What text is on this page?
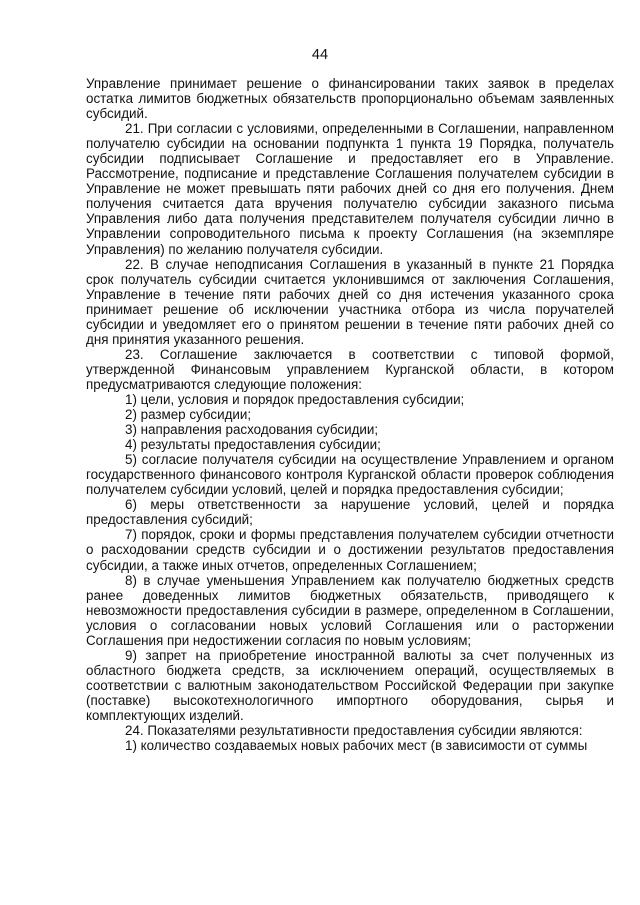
44

Управление принимает решение о финансировании таких заявок в пределах остатка лимитов бюджетных обязательств пропорционально объемам заявленных субсидий.

21. При согласии с условиями, определенными в Соглашении, направленном получателю субсидии на основании подпункта 1 пункта 19 Порядка, получатель субсидии подписывает Соглашение и предоставляет его в Управление. Рассмотрение, подписание и представление Соглашения получателем субсидии в Управление не может превышать пяти рабочих дней со дня его получения. Днем получения считается дата вручения получателю субсидии заказного письма Управления либо дата получения представителем получателя субсидии лично в Управлении сопроводительного письма к проекту Соглашения (на экземпляре Управления) по желанию получателя субсидии.

22. В случае неподписания Соглашения в указанный в пункте 21 Порядка срок получатель субсидии считается уклонившимся от заключения Соглашения, Управление в течение пяти рабочих дней со дня истечения указанного срока принимает решение об исключении участника отбора из числа поручателей субсидии и уведомляет его о принятом решении в течение пяти рабочих дней со дня принятия указанного решения.

23. Соглашение заключается в соответствии с типовой формой, утвержденной Финансовым управлением Курганской области, в котором предусматриваются следующие положения:

1) цели, условия и порядок предоставления субсидии;

2) размер субсидии;

3) направления расходования субсидии;

4) результаты предоставления субсидии;

5) согласие получателя субсидии на осуществление Управлением и органом государственного финансового контроля Курганской области проверок соблюдения получателем субсидии условий, целей и порядка предоставления субсидии;

6) меры ответственности за нарушение условий, целей и порядка предоставления субсидий;

7) порядок, сроки и формы представления получателем субсидии отчетности о расходовании средств субсидии и о достижении результатов предоставления субсидии, а также иных отчетов, определенных Соглашением;

8) в случае уменьшения Управлением как получателю бюджетных средств ранее доведенных лимитов бюджетных обязательств, приводящего к невозможности предоставления субсидии в размере, определенном в Соглашении, условия о согласовании новых условий Соглашения или о расторжении Соглашения при недостижении согласия по новым условиям;

9) запрет на приобретение иностранной валюты за счет полученных из областного бюджета средств, за исключением операций, осуществляемых в соответствии с валютным законодательством Российской Федерации при закупке (поставке) высокотехнологичного импортного оборудования, сырья и комплектующих изделий.

24. Показателями результативности предоставления субсидии являются:

1) количество создаваемых новых рабочих мест (в зависимости от суммы
